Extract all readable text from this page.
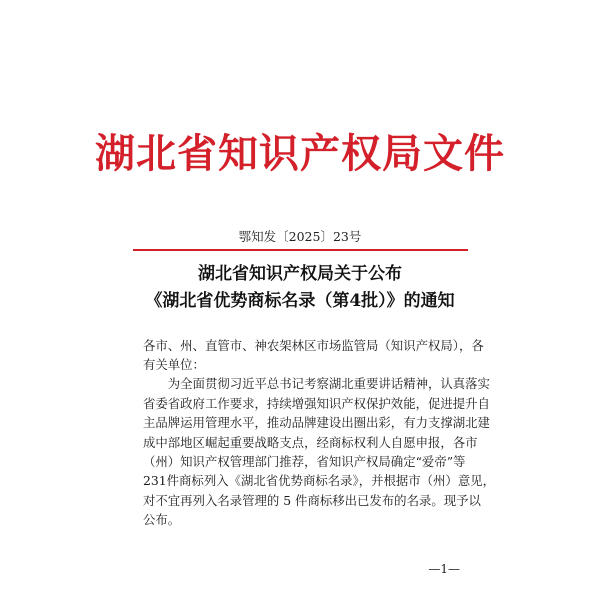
湖北省知识产权局文件
鄂知发〔2025〕23号
湖北省知识产权局关于公布
《湖北省优势商标名录（第4批）》的通知
各市、州、直管市、神农架林区市场监管局（知识产权局），各
有关单位：
　　为全面贯彻习近平总书记考察湖北重要讲话精神，认真落实
省委省政府工作要求，持续增强知识产权保护效能，促进提升自
主品牌运用管理水平，推动品牌建设出圈出彩，有力支撑湖北建
成中部地区崛起重要战略支点，经商标权利人自愿申报，各市
（州）知识产权管理部门推荐，省知识产权局确定“爱帝”等
231件商标列入《湖北省优势商标名录》，并根据市（州）意见，
对不宜再列入名录管理的 5 件商标移出已发布的名录。现予以
公布。
—1—
